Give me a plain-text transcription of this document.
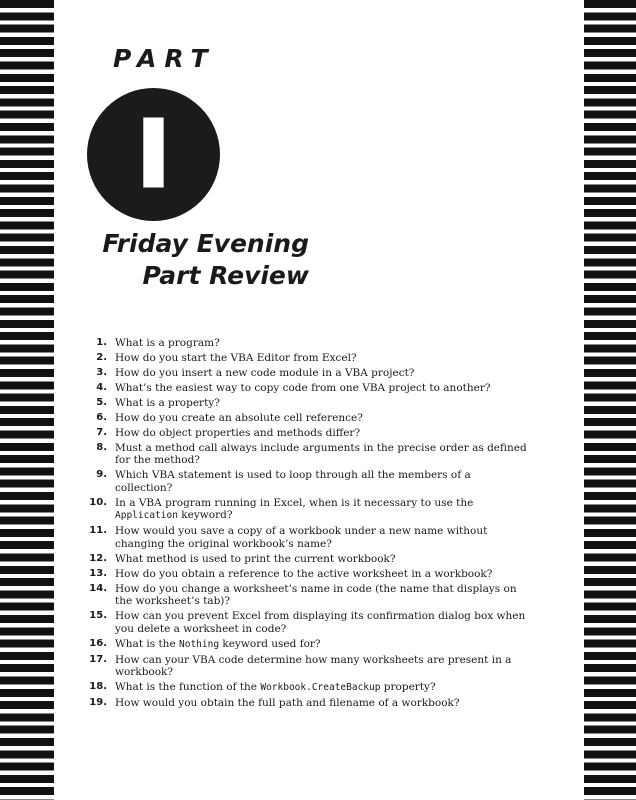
PART
I
Friday Evening
Part Review
1. What is a program?
2. How do you start the VBA Editor from Excel?
3. How do you insert a new code module in a VBA project?
4. What’s the easiest way to copy code from one VBA project to another?
5. What is a property?
6. How do you create an absolute cell reference?
7. How do object properties and methods differ?
8. Must a method call always include arguments in the precise order as defined for the method?
9. Which VBA statement is used to loop through all the members of a collection?
10. In a VBA program running in Excel, when is it necessary to use the Application keyword?
11. How would you save a copy of a workbook under a new name without changing the original workbook’s name?
12. What method is used to print the current workbook?
13. How do you obtain a reference to the active worksheet in a workbook?
14. How do you change a worksheet’s name in code (the name that displays on the worksheet’s tab)?
15. How can you prevent Excel from displaying its confirmation dialog box when you delete a worksheet in code?
16. What is the Nothing keyword used for?
17. How can your VBA code determine how many worksheets are present in a workbook?
18. What is the function of the Workbook.CreateBackup property?
19. How would you obtain the full path and filename of a workbook?
